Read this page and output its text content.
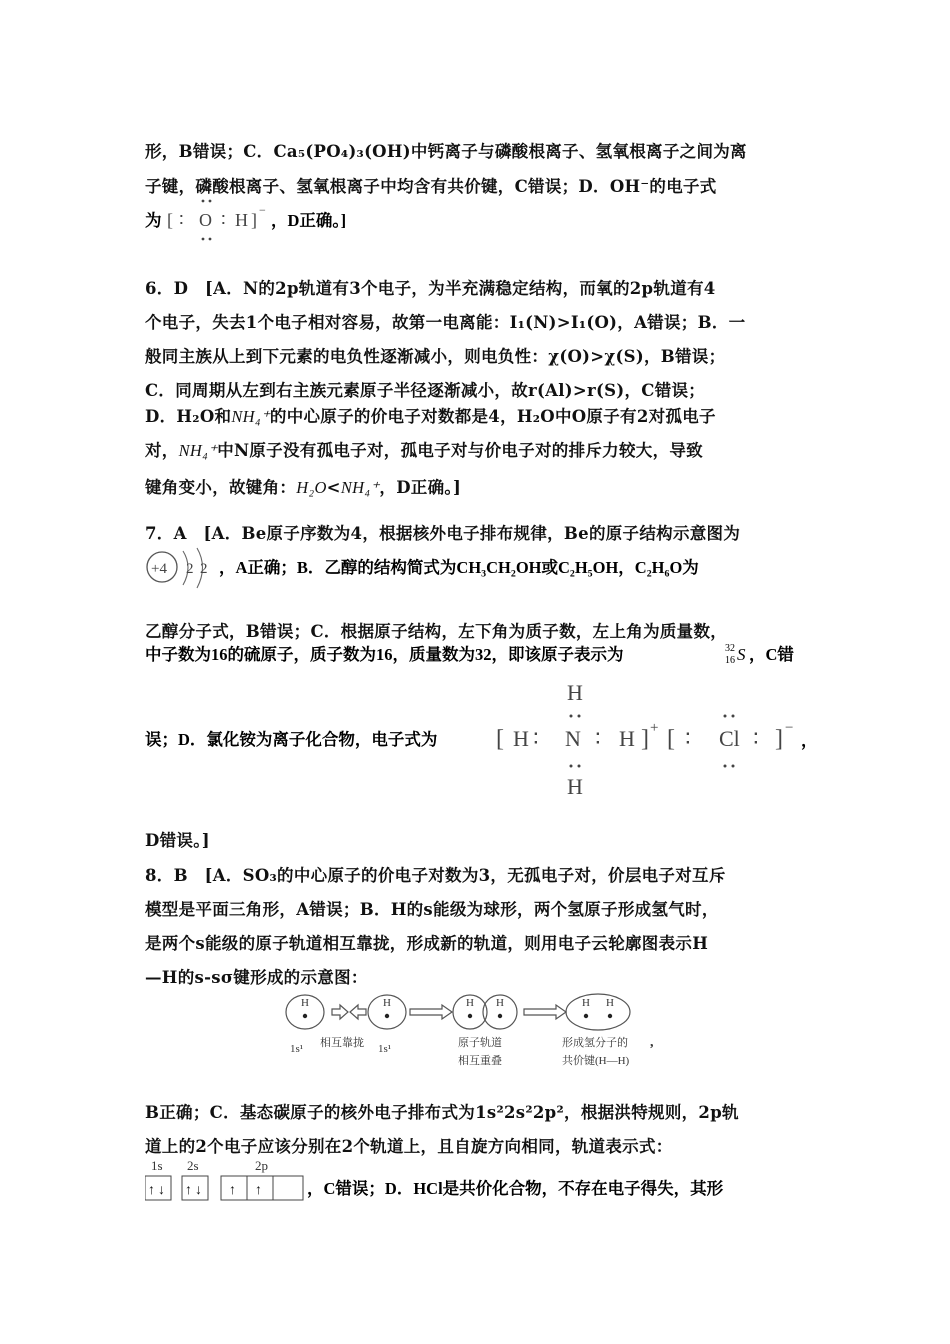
形，B错误；C．Ca₅(PO₄)₃(OH)中钙离子与磷酸根离子、氢氧根离子之间为离
子键，磷酸根离子、氢氧根离子中均含有共价键，C错误；D．OH⁻的电子式
6．D　[A．N的2p轨道有3个电子，为半充满稳定结构，而氧的2p轨道有4
个电子，失去1个电子相对容易，故第一电离能：I₁(N)>I₁(O)，A错误；B．一
般同主族从上到下元素的电负性逐渐减小，则电负性：χ(O)>χ(S)，B错误；
C．同周期从左到右主族元素原子半径逐渐减小，故r(Al)>r(S)，C错误；
7．A　[A．Be原子序数为4，根据核外电子排布规律，Be的原子结构示意图为
乙醇分子式，B错误；C．根据原子结构，左下角为质子数，左上角为质量数，
D错误。]
8．B　[A．SO₃的中心原子的价电子对数为3，无孤电子对，价层电子对互斥
模型是平面三角形，A错误；B．H的s能级为球形，两个氢原子形成氢气时，
是两个s能级的原子轨道相互靠拢，形成新的轨道，则用电子云轮廓图表示H
—H的s-sσ键形成的示意图：
道上的2个电子应该分别在2个轨道上，且自旋方向相同，轨道表示式：
为 [ ∶ O ∶ H ] −
，D正确。]
D．H₂O和NH₄⁺的中心原子的价电子对数都是4，H₂O中O原子有2对孤电子
对，NH₄⁺中N原子没有孤电子对，孤电子对与价电子对的排斥力较大，导致
键角变小，故键角：H₂O<NH₄⁺，D正确。]
+4 2 2 ，A正确；B．乙醇的结构简式为CH₃CH₂OH或C₂H₅OH，C₂H₆O为
中子数为16的硫原子，质子数为16，质量数为32，即该原子表示为	32
16 S ，C错
误；D．氯化铵为离子化合物，电子式为 [ H ∶ N
H
H
∶ H ] + [ ∶ Cl ∶ ] −
，
H	H	H H	H H
1s¹ 相互靠拢 1s¹	原子轨道
相互重叠
形成氢分子的
共价键(H—H)
,
B正确；C．基态碳原子的核外电子排布式为1s²2s²2p²，根据洪特规则，2p轨
1s 2s	2p
↑ ↓ ↑ ↓ ↑ ↑	，C错误；D．HCl是共价化合物，不存在电子得失，其形
